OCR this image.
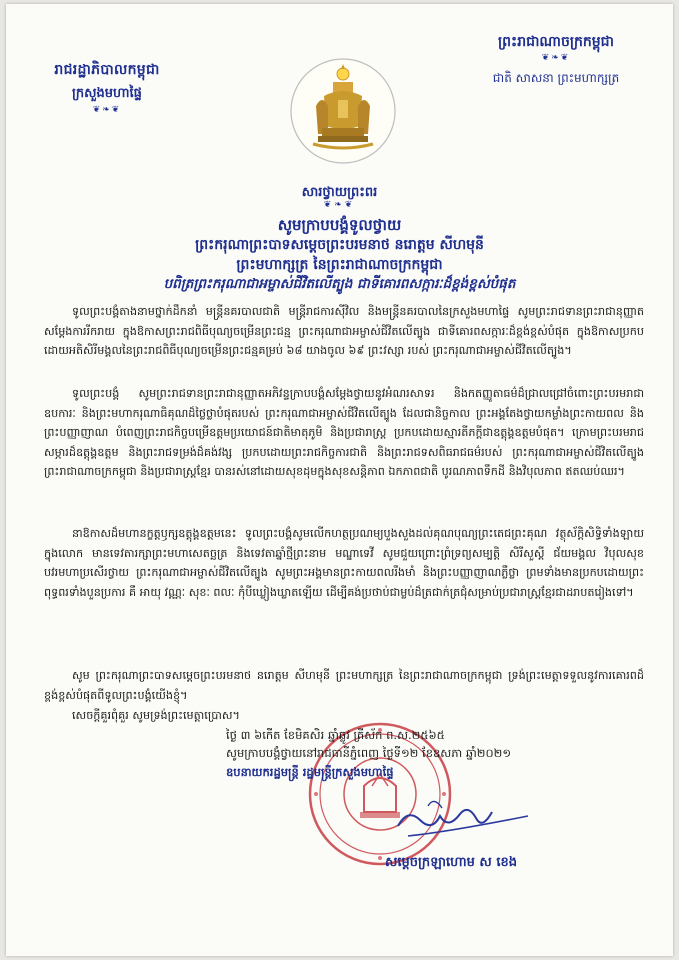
រាជរដ្ឋាភិបាលកម្ពុជា
ក្រសួងមហាផ្ទៃ
❦❧❦
ព្រះរាជាណាចក្រកម្ពុជា
❦❧❦
ជាតិ សាសនា ព្រះមហាក្សត្រ
សារថ្វាយព្រះពរ
❦❧❦
សូមក្រាបបង្គំទូលថ្វាយ
ព្រះករុណាព្រះបាទសម្តេចព្រះបរមនាថ នរោត្តម សីហមុនី
ព្រះមហាក្សត្រ នៃព្រះរាជាណាចក្រកម្ពុជា
បពិត្រព្រះករុណាជាអម្ចាស់ជីវិតលើត្បូង ជាទីគោរពសក្ការៈដ៏ខ្ពង់ខ្ពស់បំផុត
ទូលព្រះបង្គំតាងនាមថ្នាក់ដឹកនាំ មន្ត្រីនគរបាលជាតិ មន្ត្រីរាជការស៊ីវិល និងមន្ត្រីនគរបាលនៃក្រសួងមហាផ្ទៃ សូមព្រះរាជទានព្រះរាជានុញ្ញាតសម្ដែងការរីករាយ ក្នុងឱកាសព្រះរាជពិធីបុណ្យចម្រើនព្រះជន្ម ព្រះករុណាជាអម្ចាស់ជីវិតលើត្បូង ជាទីគោរពសក្ការៈដ៏ខ្ពង់ខ្ពស់បំផុត ក្នុងឱកាសប្រកបដោយអតិសិរីមង្គលនៃព្រះរាជពិធីបុណ្យចម្រើនព្រះជន្មគម្រប់ ៦៨ យាងចូល ៦៩ ព្រះវស្សា របស់ ព្រះករុណាជាអម្ចាស់ជីវិតលើត្បូង។
ទូលព្រះបង្គំ សូមព្រះរាជទានព្រះរាជានុញ្ញាតអភិវន្ទក្រាបបង្គំសម្ដែងថ្វាយនូវអំណរសាទរ និងកតញ្ញូតាធម៌ដ៏ជ្រាលជ្រៅចំពោះព្រះបរមរាជាឧបការៈ និងព្រះមហាករុណាធិគុណដ៏ថ្លៃថ្លាបំផុតរបស់ ព្រះករុណាជាអម្ចាស់ជីវិតលើត្បូង ដែលជានិច្ចកាល ព្រះអង្គតែងថ្វាយកម្លាំងព្រះកាយពល និងព្រះបញ្ញាញាណ បំពេញព្រះរាជកិច្ចបម្រើឧត្តមប្រយោជន៍ជាតិមាតុភូមិ និងប្រជារាស្ត្រ ប្រកបដោយស្មារតីភក្ដីជាឧត្ដុង្គឧត្ដមបំផុត។ ក្រោមព្រះបរមរាជសម្ភារដ៏ឧត្តុង្គឧត្តម និងព្រះរាជទម្រង់ដ៏គង់វង្ស ប្រកបដោយព្រះរាជកិច្ចការជាតិ និងព្រះរាជទសពិធរាជធម៌របស់ ព្រះករុណាជាអម្ចាស់ជីវិតលើត្បូង ព្រះរាជាណាចក្រកម្ពុជា និងប្រជារាស្ត្រខ្មែរ បានរស់នៅដោយសុខដុមក្នុងសុខសន្តិភាព ឯកភាពជាតិ បូរណភាពទឹកដី និងវិបុលភាព ឥតឈប់ឈរ។
នាឱកាសដ៏មហានក្ខត្តឫក្សឧត្តុង្គឧត្តមនេះ ទូលព្រះបង្គំសូមលើកហត្ថប្រណម្យបួងសួងដល់គុណបុណ្យព្រះតេជព្រះគុណ វត្ថុស័ក្តិសិទ្ធិទាំងឡាយក្នុងលោក មានទេវតារក្សាព្រះមហាសេតច្ឆត្រ និងទេវតាឆ្នាំថ្មីព្រះនាម មណ្ឌាទេវី សូមជួយព្រោះព្រំទ្រព្យសម្បត្តិ សិរីសួស្តី ជ័យមង្គល វិបុលសុខ បវរមហាប្រសើរថ្វាយ ព្រះករុណាជាអម្ចាស់ជីវិតលើត្បូង សូមព្រះអង្គមានព្រះកាយពលរឹងមាំ និងព្រះបញ្ញាញាណភ្លឺថ្លា ព្រមទាំងមានប្រកបដោយព្រះពុទ្ធពរទាំងបួនប្រការ គឺ អាយុ វណ្ណៈ សុខៈ ពលៈ កុំបីឃ្លៀងឃ្លាតឡើយ ដើម្បីគង់ប្រថាប់ជាម្លប់ដ៏ត្រជាក់ត្រជុំសម្រាប់ប្រជារាស្ត្រខ្មែរជាដរាបតរៀងទៅ។
សូម ព្រះករុណាព្រះបាទសម្តេចព្រះបរមនាថ នរោត្តម សីហមុនី ព្រះមហាក្សត្រ នៃព្រះរាជាណាចក្រកម្ពុជា ទ្រង់ព្រះមេត្តាទទួលនូវការគោរពដ៏ខ្ពង់ខ្ពស់បំផុតពីទូលព្រះបង្គំយើងខ្ញុំ។
សេចក្ដីគួរពុំគួរ សូមទ្រង់ព្រះមេត្តាប្រោស។
ថ្ងៃ ៣ ៦កើត ខែមិគសិរ ឆ្នាំឆ្លូវ ត្រីស័ក ព.ស.២៥៦៥
សូមក្រាបបង្គំថ្វាយនៅរាជធានីភ្នំពេញ ថ្ងៃទី១២ ខែឧសភា ឆ្នាំ២០២១
ឧបនាយករដ្ឋមន្ត្រី រដ្ឋមន្ត្រីក្រសួងមហាផ្ទៃ
សម្តេចក្រឡាហោម ស ខេង
